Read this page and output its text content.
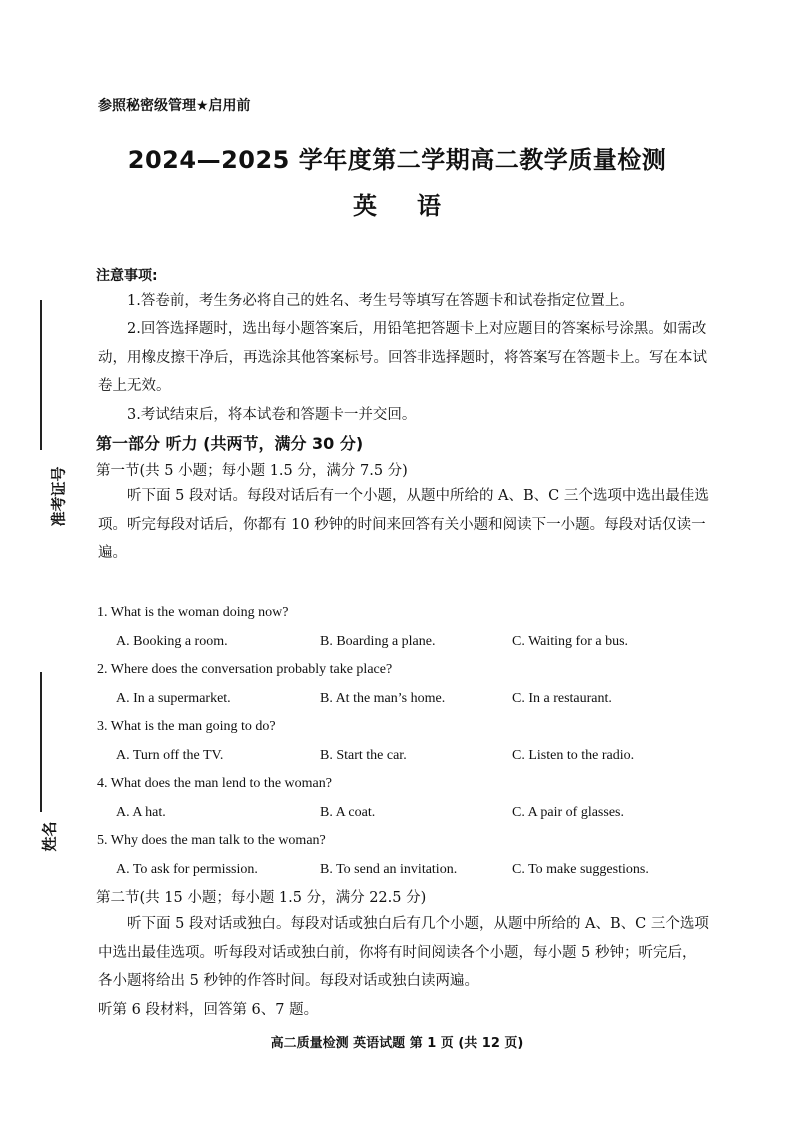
准考证号
姓名
参照秘密级管理★启用前
2024—2025 学年度第二学期高二教学质量检测
英语
注意事项:
1.答卷前，考生务必将自己的姓名、考生号等填写在答题卡和试卷指定位置上。
2.回答选择题时，选出每小题答案后，用铅笔把答题卡上对应题目的答案标号涂黑。如需改动，用橡皮擦干净后，再选涂其他答案标号。回答非选择题时，将答案写在答题卡上。写在本试卷上无效。
3.考试结束后，将本试卷和答题卡一并交回。
第一部分 听力 (共两节，满分 30 分)
第一节(共 5 小题；每小题 1.5 分，满分 7.5 分)
听下面 5 段对话。每段对话后有一个小题，从题中所给的 A、B、C 三个选项中选出最佳选项。听完每段对话后，你都有 10 秒钟的时间来回答有关小题和阅读下一小题。每段对话仅读一遍。
1. What is the woman doing now?
A. Booking a room.	B. Boarding a plane.	C. Waiting for a bus.
2. Where does the conversation probably take place?
A. In a supermarket.	B. At the man’s home.	C. In a restaurant.
3. What is the man going to do?
A. Turn off the TV.	B. Start the car.	C. Listen to the radio.
4. What does the man lend to the woman?
A. A hat.	B. A coat.	C. A pair of glasses.
5. Why does the man talk to the woman?
A. To ask for permission.	B. To send an invitation.	C. To make suggestions.
第二节(共 15 小题；每小题 1.5 分，满分 22.5 分)
听下面 5 段对话或独白。每段对话或独白后有几个小题，从题中所给的 A、B、C 三个选项中选出最佳选项。听每段对话或独白前，你将有时间阅读各个小题，每小题 5 秒钟；听完后，各小题将给出 5 秒钟的作答时间。每段对话或独白读两遍。
听第 6 段材料，回答第 6、7 题。
高二质量检测 英语试题 第 1 页 (共 12 页)
